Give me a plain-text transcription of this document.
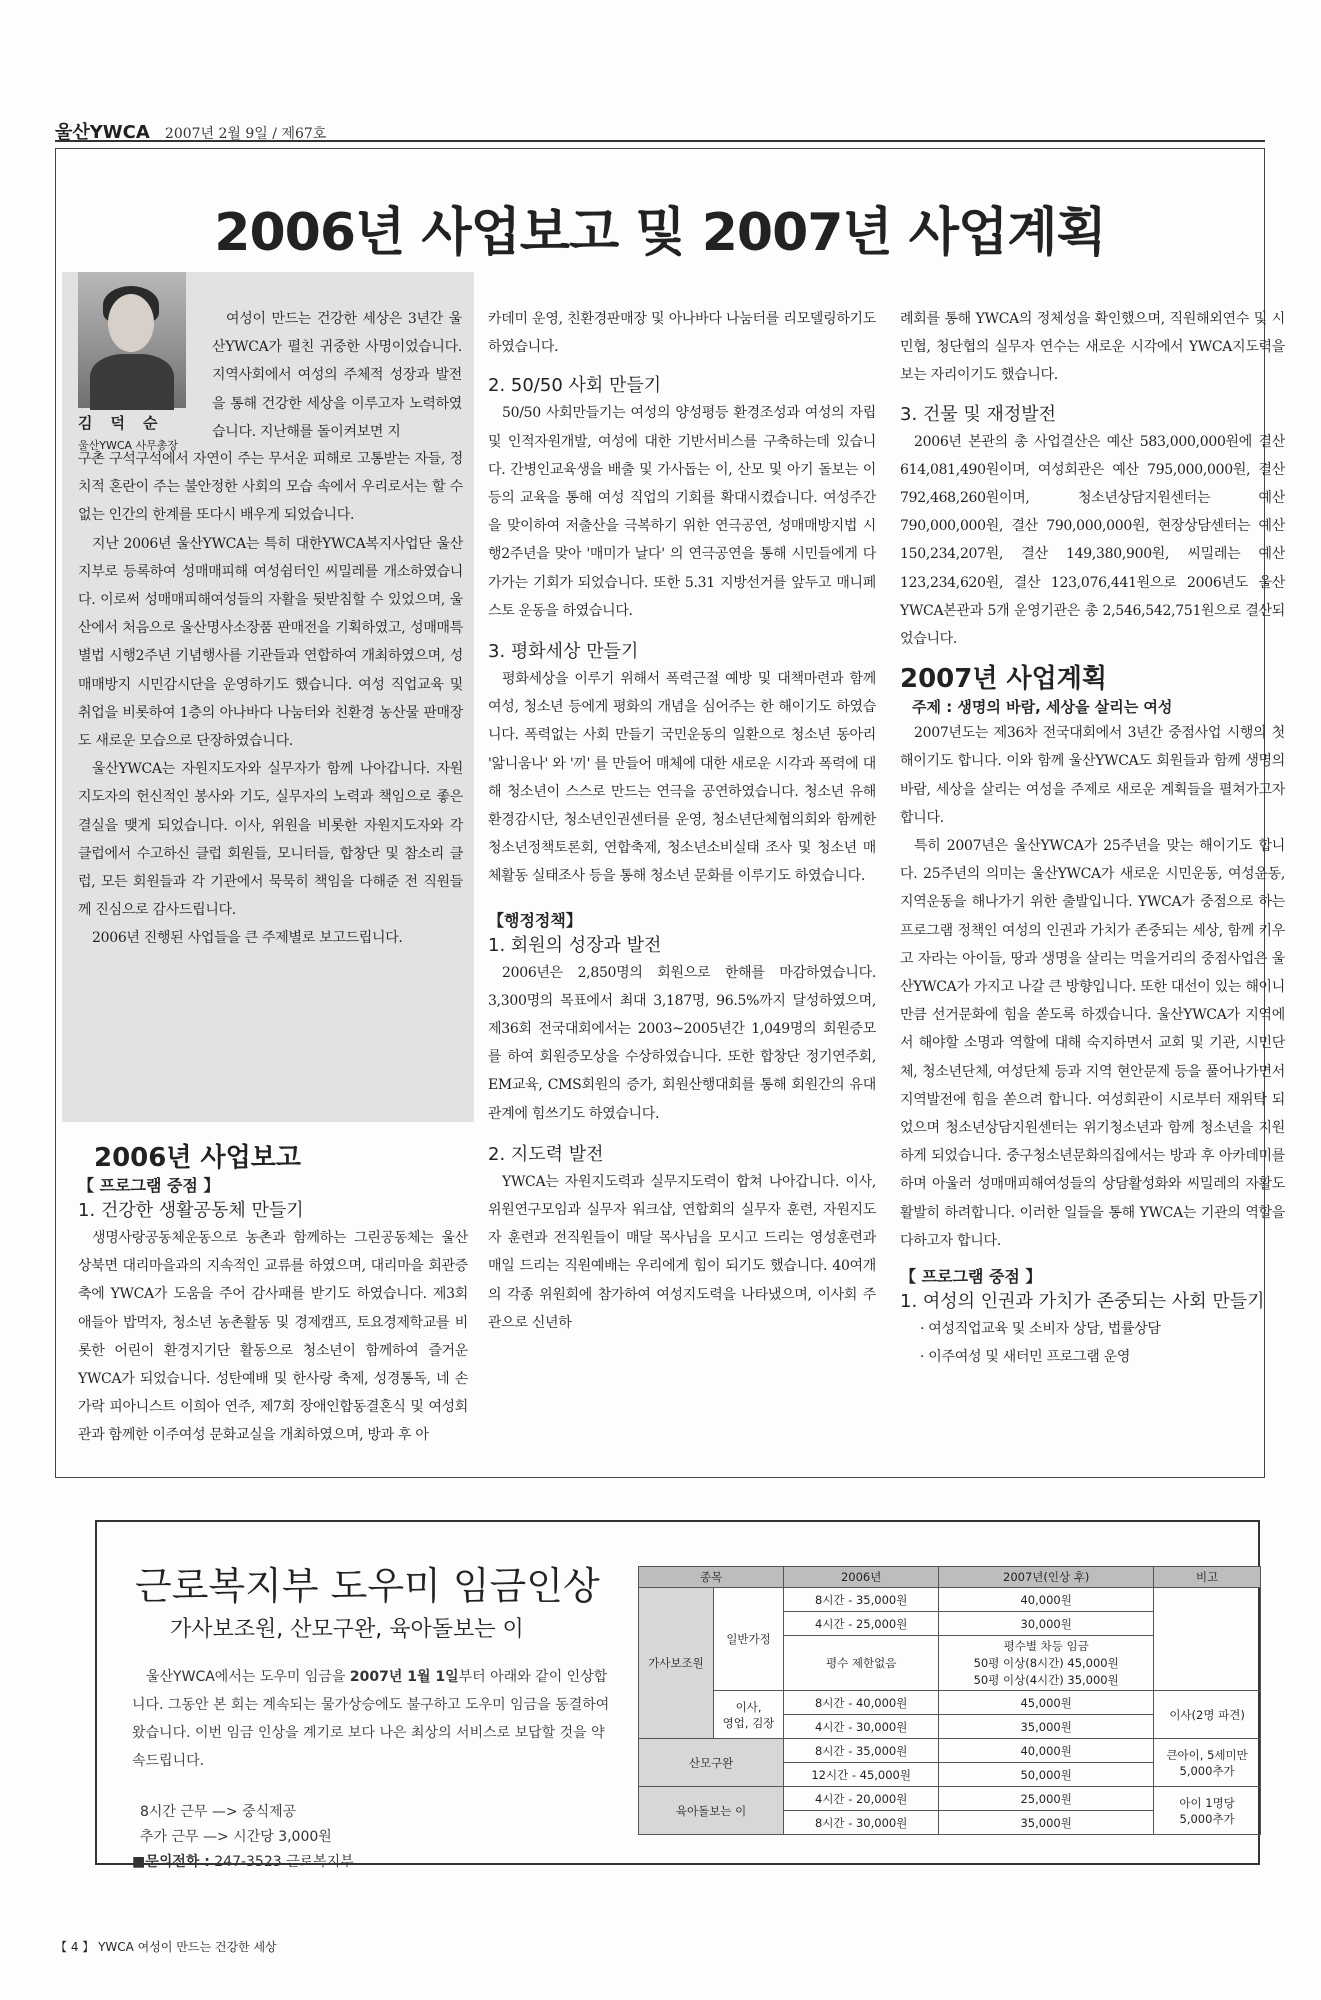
울산YWCA 2007년 2월 9일 / 제67호
2006년 사업보고 및 2007년 사업계획
김덕순
울산YWCA 사무총장

여성이 만드는 건강한 세상은 3년간 울산YWCA가 펼친 귀중한 사명이었습니다. 지역사회에서 여성의 주체적 성장과 발전을 통해 건강한 세상을 이루고자 노력하였습니다. 지난해를 돌이켜보면 지

구촌 구석구석에서 자연이 주는 무서운 피해로 고통받는 자들, 정치적 혼란이 주는 불안정한 사회의 모습 속에서 우리로서는 할 수 없는 인간의 한계를 또다시 배우게 되었습니다.

지난 2006년 울산YWCA는 특히 대한YWCA복지사업단 울산지부로 등록하여 성매매피해 여성쉼터인 씨밀레를 개소하였습니다. 이로써 성매매피해여성들의 자활을 뒷받침할 수 있었으며, 울산에서 처음으로 울산명사소장품 판매전을 기획하였고, 성매매특별법 시행2주년 기념행사를 기관들과 연합하여 개최하였으며, 성매매방지 시민감시단을 운영하기도 했습니다. 여성 직업교육 및 취업을 비롯하여 1층의 아나바다 나눔터와 친환경 농산물 판매장도 새로운 모습으로 단장하였습니다.

울산YWCA는 자원지도자와 실무자가 함께 나아갑니다. 자원지도자의 헌신적인 봉사와 기도, 실무자의 노력과 책임으로 좋은 결실을 맺게 되었습니다. 이사, 위원을 비롯한 자원지도자와 각 클럽에서 수고하신 클럽 회원들, 모니터들, 합창단 및 참소리 클럽, 모든 회원들과 각 기관에서 묵묵히 책임을 다해준 전 직원들께 진심으로 감사드립니다.

2006년 진행된 사업들을 큰 주제별로 보고드립니다.

2006년 사업보고
【 프로그램 중점 】
1. 건강한 생활공동체 만들기

생명사랑공동체운동으로 농촌과 함께하는 그린공동체는 울산 상북면 대리마을과의 지속적인 교류를 하였으며, 대리마을 회관증축에 YWCA가 도움을 주어 감사패를 받기도 하였습니다. 제3회 애들아 밥먹자, 청소년 농촌활동 및 경제캠프, 토요경제학교를 비롯한 어린이 환경지기단 활동으로 청소년이 함께하여 즐거운 YWCA가 되었습니다. 성탄예배 및 한사랑 축제, 성경통독, 네 손가락 피아니스트 이희아 연주, 제7회 장애인합동결혼식 및 여성회관과 함께한 이주여성 문화교실을 개최하였으며, 방과 후 아

카데미 운영, 친환경판매장 및 아나바다 나눔터를 리모델링하기도 하였습니다.
2. 50/50 사회 만들기

50/50 사회만들기는 여성의 양성평등 환경조성과 여성의 자립 및 인적자원개발, 여성에 대한 기반서비스를 구축하는데 있습니다. 간병인교육생을 배출 및 가사돕는 이, 산모 및 아기 돌보는 이 등의 교육을 통해 여성 직업의 기회를 확대시켰습니다. 여성주간을 맞이하여 저출산을 극복하기 위한 연극공연, 성매매방지법 시행2주년을 맞아 '매미가 날다' 의 연극공연을 통해 시민들에게 다가가는 기회가 되었습니다. 또한 5.31 지방선거를 앞두고 매니페스토 운동을 하였습니다.

3. 평화세상 만들기

평화세상을 이루기 위해서 폭력근절 예방 및 대책마련과 함께 여성, 청소년 등에게 평화의 개념을 심어주는 한 해이기도 하였습니다. 폭력없는 사회 만들기 국민운동의 일환으로 청소년 동아리 '앎니움나' 와 '끼' 를 만들어 매체에 대한 새로운 시각과 폭력에 대해 청소년이 스스로 만드는 연극을 공연하였습니다. 청소년 유해환경감시단, 청소년인권센터를 운영, 청소년단체협의회와 함께한 청소년정책토론회, 연합축제, 청소년소비실태 조사 및 청소년 매체활동 실태조사 등을 통해 청소년 문화를 이루기도 하였습니다.

【행정정책】
1. 회원의 성장과 발전

2006년은 2,850명의 회원으로 한해를 마감하였습니다. 3,300명의 목표에서 최대 3,187명, 96.5%까지 달성하였으며, 제36회 전국대회에서는 2003~2005년간 1,049명의 회원증모를 하여 회원증모상을 수상하였습니다. 또한 합창단 정기연주회, EM교육, CMS회원의 증가, 회원산행대회를 통해 회원간의 유대관계에 힘쓰기도 하였습니다.

2. 지도력 발전

YWCA는 자원지도력과 실무지도력이 합쳐 나아갑니다. 이사, 위원연구모임과 실무자 워크샵, 연합회의 실무자 훈련, 자원지도자 훈련과 전직원들이 매달 목사님을 모시고 드리는 영성훈련과 매일 드리는 직원예배는 우리에게 힘이 되기도 했습니다. 40여개의 각종 위원회에 참가하여 여성지도력을 나타냈으며, 이사회 주관으로 신년하

례회를 통해 YWCA의 정체성을 확인했으며, 직원해외연수 및 시민협, 청단협의 실무자 연수는 새로운 시각에서 YWCA지도력을 보는 자리이기도 했습니다.
3. 건물 및 재정발전

2006년 본관의 총 사업결산은 예산 583,000,000원에 결산 614,081,490원이며, 여성회관은 예산 795,000,000원, 결산 792,468,260원이며, 청소년상담지원센터는 예산 790,000,000원, 결산 790,000,000원, 현장상담센터는 예산 150,234,207원, 결산 149,380,900원, 씨밀레는 예산 123,234,620원, 결산 123,076,441원으로 2006년도 울산YWCA본관과 5개 운영기관은 총 2,546,542,751원으로 결산되었습니다.

2007년 사업계획
주제 : 생명의 바람, 세상을 살리는 여성

2007년도는 제36차 전국대회에서 3년간 중점사업 시행의 첫해이기도 합니다. 이와 함께 울산YWCA도 회원들과 함께 생명의 바람, 세상을 살리는 여성을 주제로 새로운 계획들을 펼쳐가고자 합니다.

특히 2007년은 울산YWCA가 25주년을 맞는 해이기도 합니다. 25주년의 의미는 울산YWCA가 새로운 시민운동, 여성운동, 지역운동을 해나가기 위한 출발입니다. YWCA가 중점으로 하는 프로그램 정책인 여성의 인권과 가치가 존중되는 세상, 함께 키우고 자라는 아이들, 땅과 생명을 살리는 먹을거리의 중점사업은 울산YWCA가 가지고 나갈 큰 방향입니다. 또한 대선이 있는 해이니만큼 선거문화에 힘을 쏟도록 하겠습니다. 울산YWCA가 지역에서 해야할 소명과 역할에 대해 숙지하면서 교회 및 기관, 시민단체, 청소년단체, 여성단체 등과 지역 현안문제 등을 풀어나가면서 지역발전에 힘을 쏟으려 합니다. 여성회관이 시로부터 재위탁 되었으며 청소년상담지원센터는 위기청소년과 함께 청소년을 지원하게 되었습니다. 중구청소년문화의집에서는 방과 후 아카데미를 하며 아울러 성매매피해여성들의 상담활성화와 씨밀레의 자활도 활발히 하려합니다. 이러한 일들을 통해 YWCA는 기관의 역할을 다하고자 합니다.

【 프로그램 중점 】
1. 여성의 인권과 가치가 존중되는 사회 만들기
· 여성직업교육 및 소비자 상담, 법률상담
· 이주여성 및 새터민 프로그램 운영
근로복지부 도우미 임금인상
가사보조원, 산모구완, 육아돌보는 이

울산YWCA에서는 도우미 임금을 2007년 1월 1일부터 아래와 같이 인상합니다. 그동안 본 회는 계속되는 물가상승에도 불구하고 도우미 임금을 동결하여 왔습니다. 이번 임금 인상을 계기로 보다 나은 최상의 서비스로 보답할 것을 약속드립니다.

8시간 근무 —> 중식제공
추가 근무 —> 시간당 3,000원
■문의전화 : 247-3523 근로복지부
종목		2006년	2007년(인상 후)	비고
가사보조원	일반가정	8시간 - 35,000원	40,000원	
		4시간 - 25,000원	30,000원	
		평수 제한없음	평수별 차등 임금
50평 이상(8시간) 45,000원
50평 이상(4시간) 35,000원	

	이사,
영업, 김장	8시간 - 40,000원	45,000원	이사(2명 파견)
		4시간 - 30,000원	35,000원	
산모구완		8시간 - 35,000원	40,000원	큰아이, 5세미만
5,000추가

		12시간 - 45,000원	50,000원	
육아돌보는 이		4시간 - 20,000원	25,000원	아이 1명당
5,000추가

		8시간 - 30,000원	35,000원	
【 4 】 YWCA 여성이 만드는 건강한 세상
